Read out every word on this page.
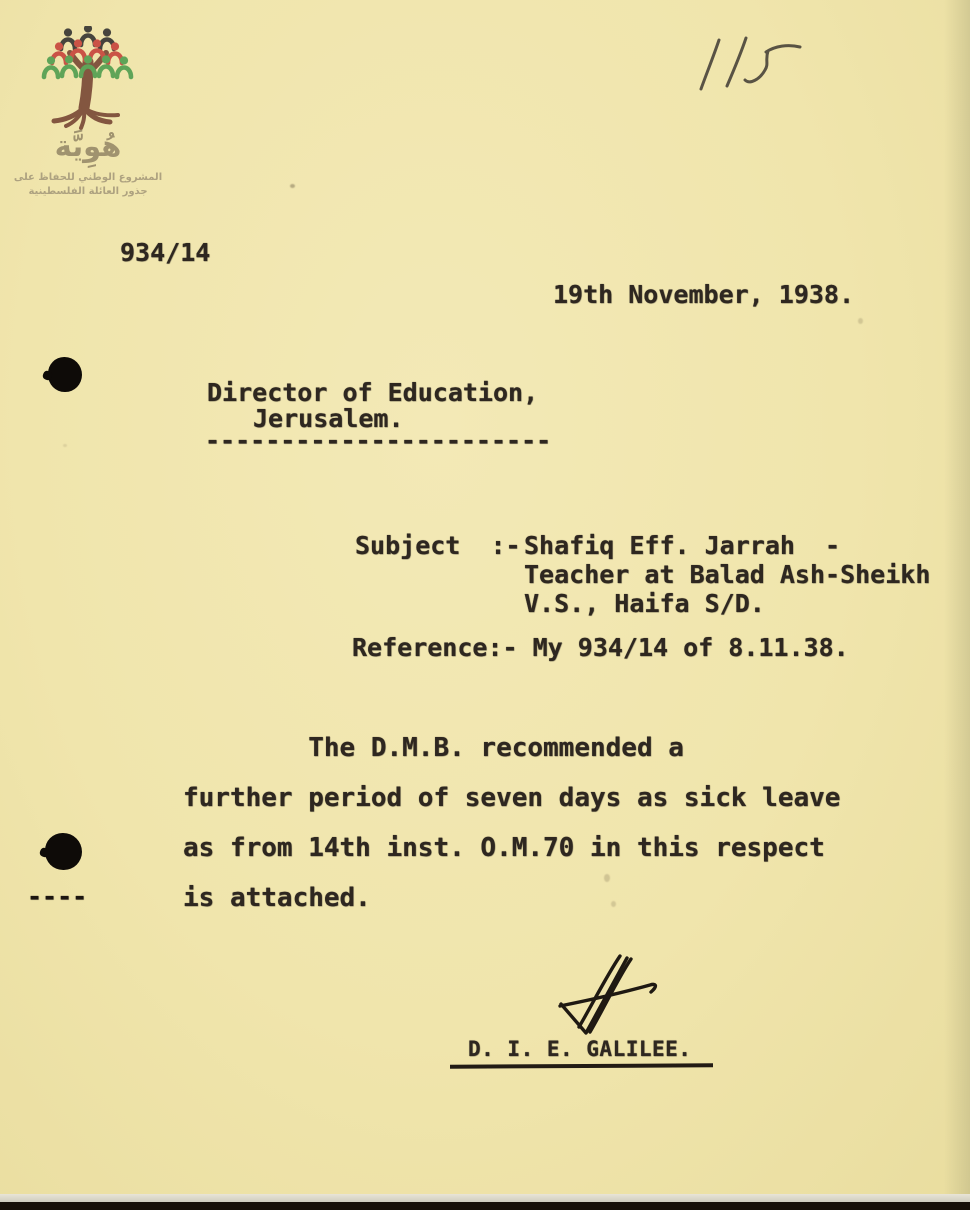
هُوِيَّة
المشروع الوطني للحفاظ على
جذور العائلة الفلسطينية
----
934/14
19th November, 1938.
Director of Education,
Jerusalem.
-----------------------
Subject  :- Shafiq Eff. Jarrah  -
Teacher at Balad Ash-Sheikh
V.S., Haifa S/D.
Reference:- My 934/14 of 8.11.38.
The D.M.B. recommended a
further period of seven days as sick leave
as from 14th inst. O.M.70 in this respect
is attached.
D. I. E. GALILEE.
